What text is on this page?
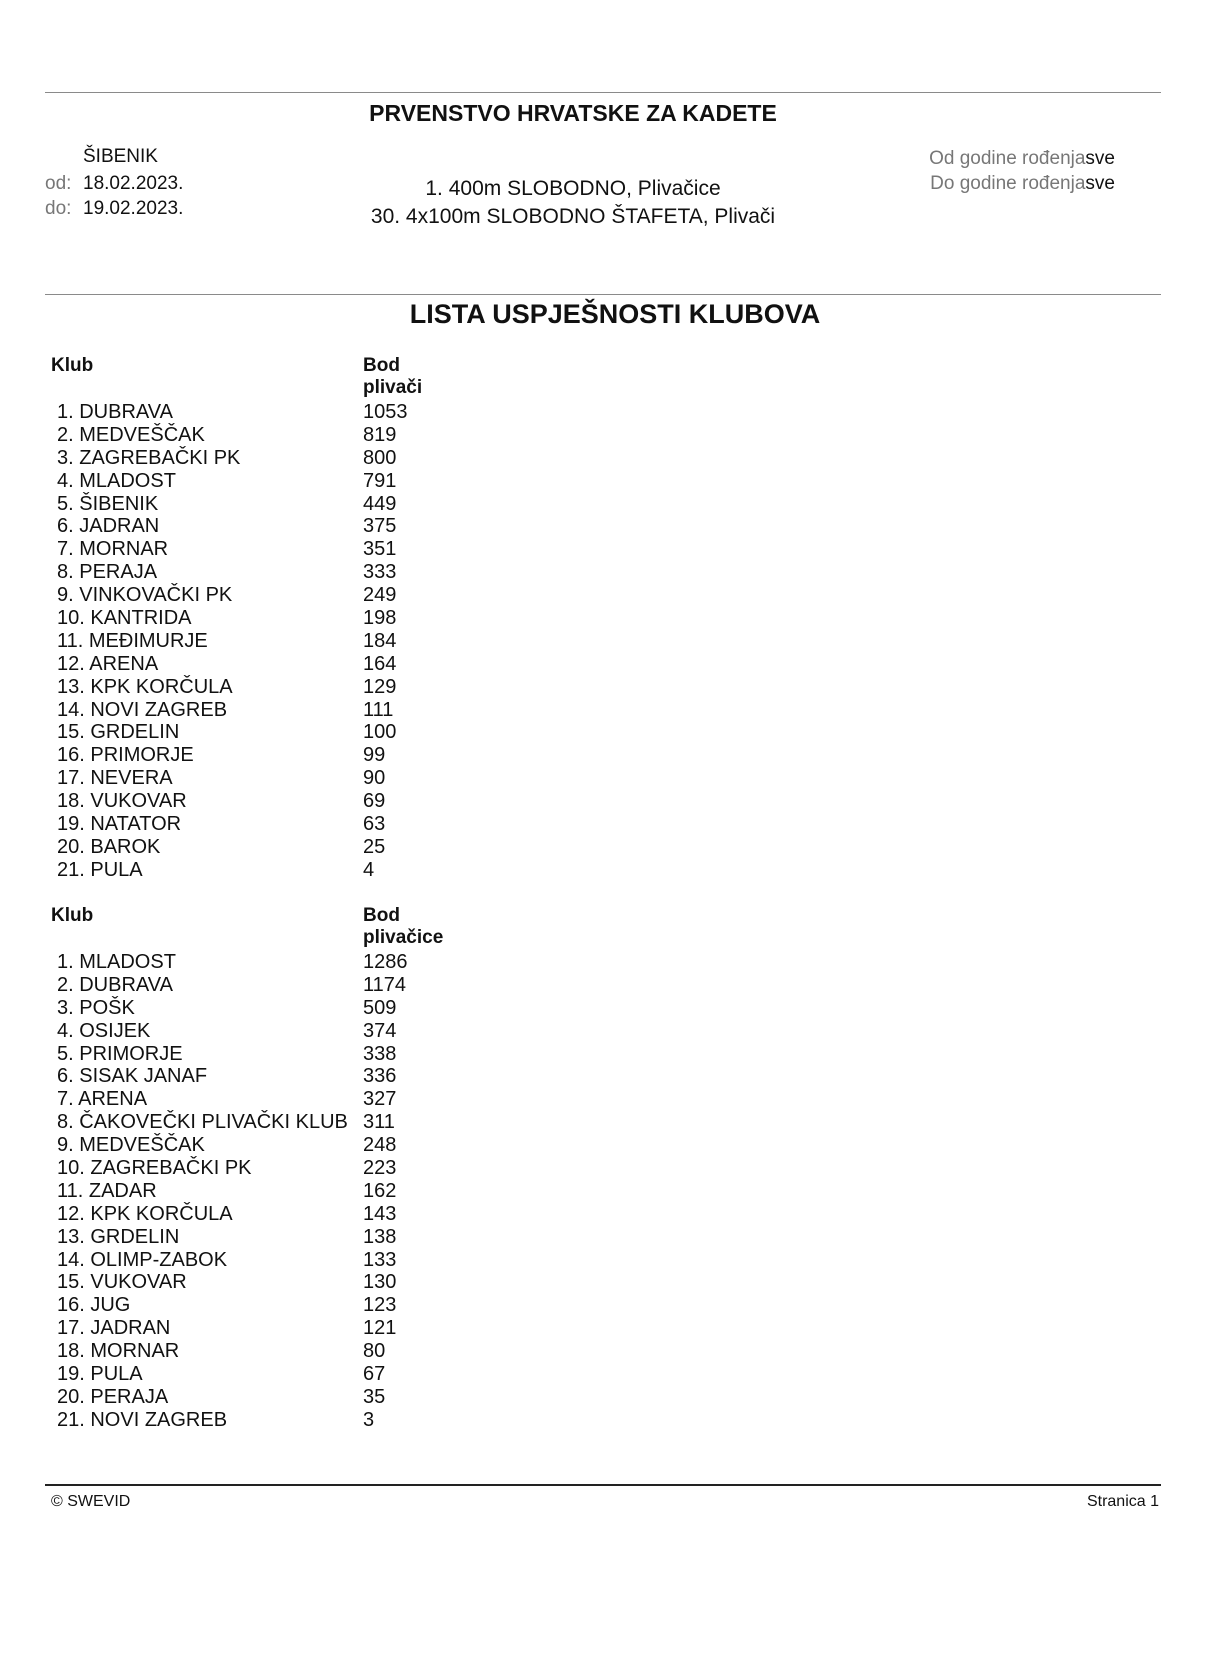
PRVENSTVO HRVATSKE ZA KADETE
ŠIBENIK
od: 18.02.2023.
do: 19.02.2023.
1. 400m SLOBODNO, Plivačice
30. 4x100m SLOBODNO ŠTAFETA, Plivači
Od godine rođenjasve
Do godine rođenjasve
LISTA USPJEŠNOSTI KLUBOVA
Klub	Bod plivači
1. DUBRAVA	1053
2. MEDVEŠČAK	819
3. ZAGREBAČKI PK	800
4. MLADOST	791
5. ŠIBENIK	449
6. JADRAN	375
7. MORNAR	351
8. PERAJA	333
9. VINKOVAČKI PK	249
10. KANTRIDA	198
11. MEĐIMURJE	184
12. ARENA	164
13. KPK KORČULA	129
14. NOVI ZAGREB	111
15. GRDELIN	100
16. PRIMORJE	99
17. NEVERA	90
18. VUKOVAR	69
19. NATATOR	63
20. BAROK	25
21. PULA	4
Klub	Bod plivačice
1. MLADOST	1286
2. DUBRAVA	1174
3. POŠK	509
4. OSIJEK	374
5. PRIMORJE	338
6. SISAK JANAF	336
7. ARENA	327
8. ČAKOVEČKI PLIVAČKI KLUB 311
9. MEDVEŠČAK	248
10. ZAGREBAČKI PK	223
11. ZADAR	162
12. KPK KORČULA	143
13. GRDELIN	138
14. OLIMP-ZABOK	133
15. VUKOVAR	130
16. JUG	123
17. JADRAN	121
18. MORNAR	80
19. PULA	67
20. PERAJA	35
21. NOVI ZAGREB	3
© SWEVID	Stranica 1
